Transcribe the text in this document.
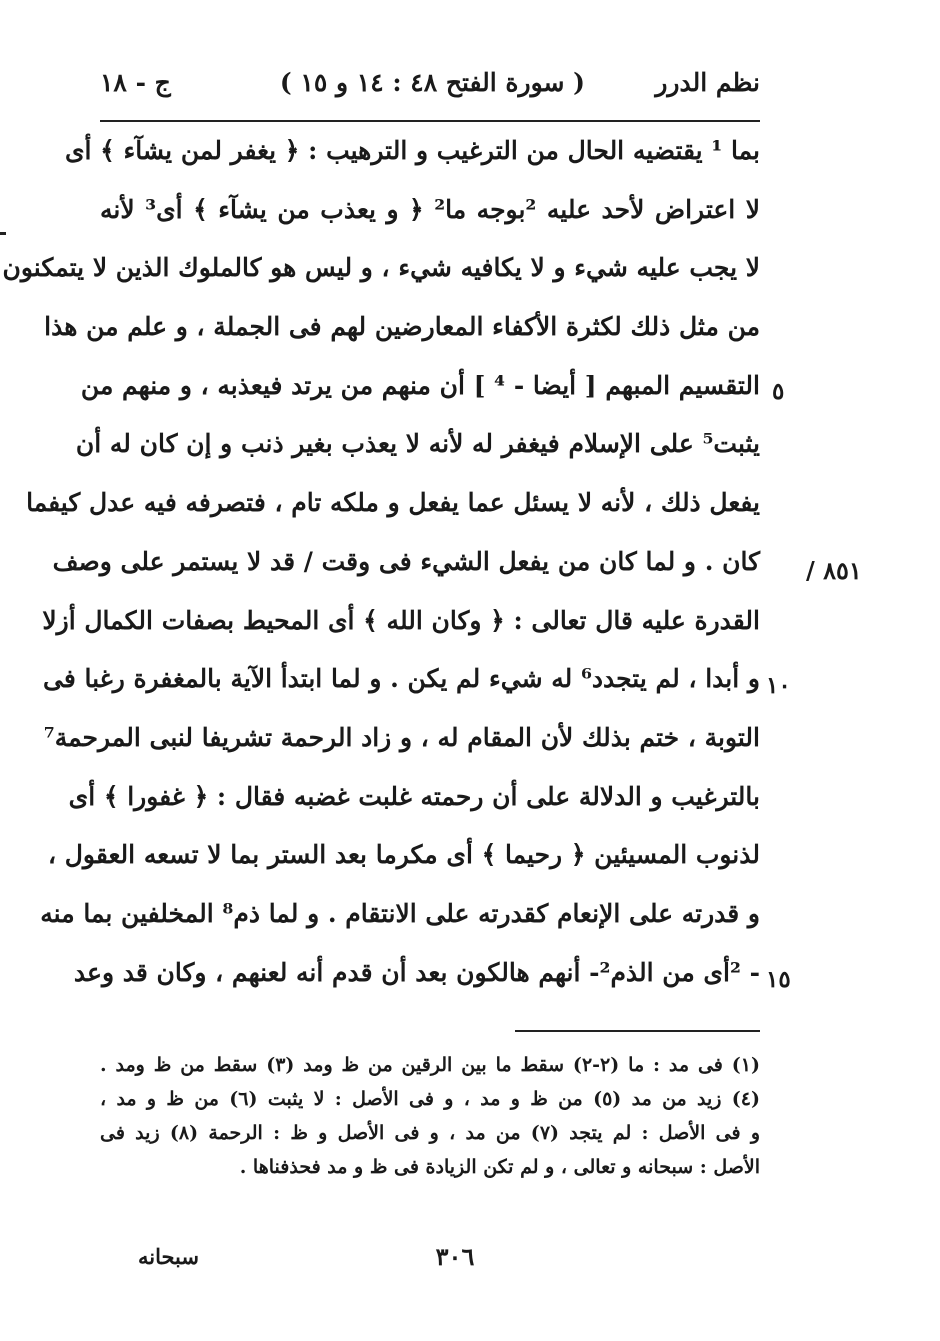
نظم الدرر
( سورة الفتح ٤٨ : ١٤ و ١٥ )
ج - ١٨
بما ¹ يقتضيه الحال من الترغيب و الترهيب : ﴿ يغفر لمن يشآء ﴾ أى
لا اعتراض لأحد عليه ²بوجه ما² ﴿ و يعذب من يشآء ﴾ أى³ لأنه
لا يجب عليه شيء و لا يكافيه شيء ، و ليس هو كالملوك الذين لا يتمكنون
من مثل ذلك لكثرة الأكفاء المعارضين لهم فى الجملة ، و علم من هذا
التقسيم المبهم [ أيضا - ⁴ ] أن منهم من يرتد فيعذبه ، و منهم من
يثبت⁵ على الإسلام فيغفر له لأنه لا يعذب بغير ذنب و إن كان له أن
يفعل ذلك ، لأنه لا يسئل عما يفعل و ملكه تام ، فتصرفه فيه عدل كيفما
كان . و لما كان من يفعل الشيء فى وقت / قد لا يستمر على وصف
القدرة عليه قال تعالى : ﴿ وكان الله ﴾ أى المحيط بصفات الكمال أزلا
و أبدا ، لم يتجدد⁶ له شيء لم يكن . و لما ابتدأ الآية بالمغفرة رغبا فى
التوبة ، ختم بذلك لأن المقام له ، و زاد الرحمة تشريفا لنبى المرحمة⁷
بالترغيب و الدلالة على أن رحمته غلبت غضبه فقال : ﴿ غفورا ﴾ أى
لذنوب المسيئين ﴿ رحيما ﴾ أى مكرما بعد الستر بما لا تسعه العقول ،
و قدرته على الإنعام كقدرته على الانتقام . و لما ذم⁸ المخلفين بما منه
- ²أى من الذم²- أنهم هالكون بعد أن قدم أنه لعنهم ، وكان قد وعد
٥
١٠
١٥
٨٥١ /
(١) فى مد : ما (٢-٢) سقط ما بين الرقين من ظ ومد (٣) سقط من ظ ومد .
(٤) زيد من مد (٥) من ظ و مد ، و فى الأصل : لا يثبت (٦) من ظ و مد ،
و فى الأصل : لم يتجد (٧) من مد ، و فى الأصل و ظ : الرحمة (٨) زيد فى
الأصل : سبحانه و تعالى ، و لم تكن الزيادة فى ظ و مد فحذفناها .
٣٠٦
سبحانه
